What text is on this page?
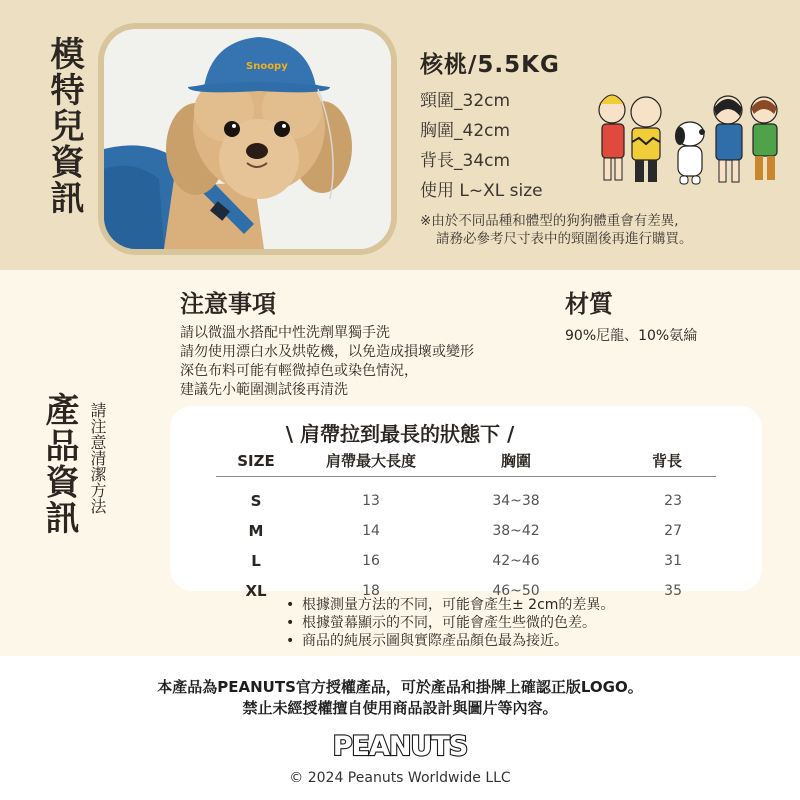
模特兒資訊	Snoopy	核桃/5.5KG
頸圍_32cm
胸圍_42cm
背長_34cm
使用 L~XL size
※由於不同品種和體型的狗狗體重會有差異,
請務必參考尺寸表中的頸圍後再進行購買。
產品資訊 請注意清潔方法
注意事項
請以微溫水搭配中性洗劑單獨手洗
請勿使用漂白水及烘乾機，以免造成損壞或變形
深色布料可能有輕微掉色或染色情況，
建議先小範圍測試後再清洗
材質
90%尼龍、10%氨綸
\ 肩帶拉到最長的狀態下 /
SIZE	肩帶最大長度	胸圍	背長
S	13	34~38	23
M	14	38~42	27
L	16	42~46	31
XL	18	46~50	35
• 根據測量方法的不同，可能會產生± 2cm的差異。
• 根據螢幕顯示的不同，可能會產生些微的色差。
• 商品的純展示圖與實際產品顏色最為接近。
本產品為PEANUTS官方授權產品，可於產品和掛牌上確認正版LOGO。
禁止未經授權擅自使用商品設計與圖片等內容。
PEANUTS
© 2024 Peanuts Worldwide LLC
